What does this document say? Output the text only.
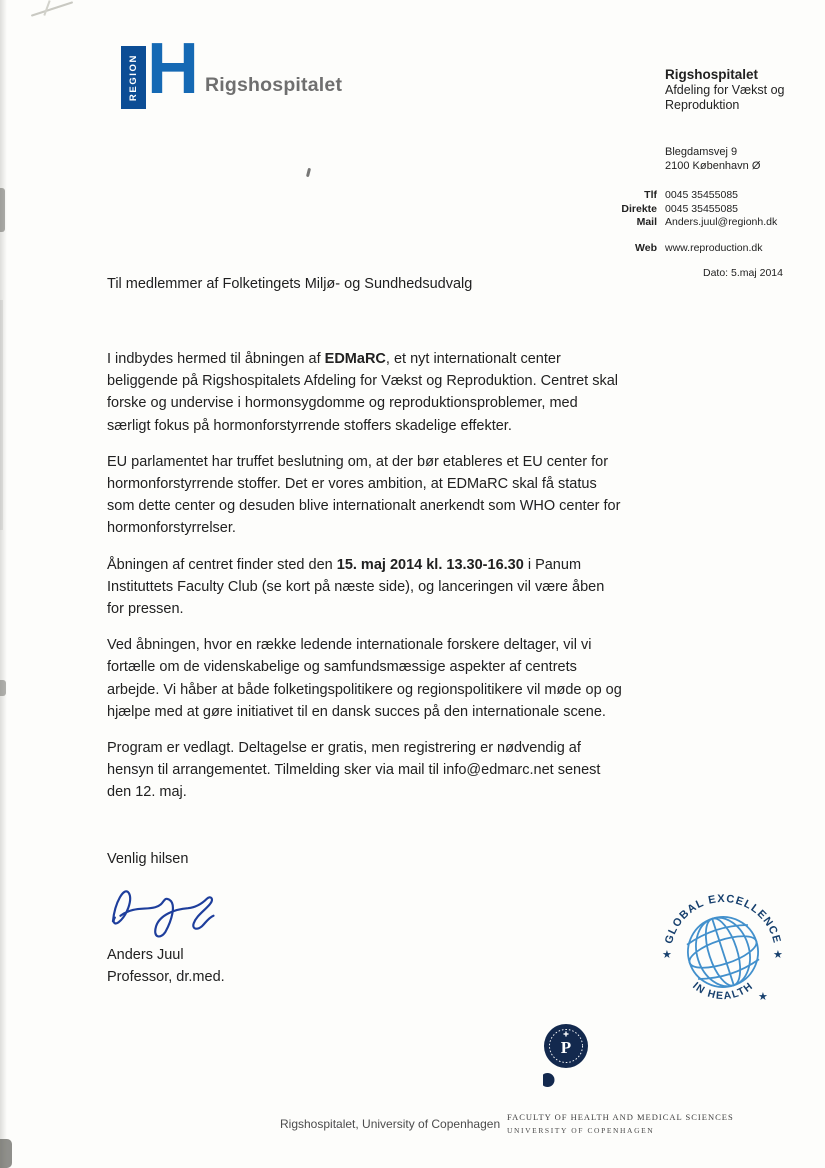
REGION H Rigshospitalet	Rigshospitalet
Afdeling for Vækst og
Reproduktion
Blegdamsvej 9
2100 København Ø
Tlf 0045 35455085
Direkte 0045 35455085
Mail Anders.juul@regionh.dk
Web www.reproduction.dk
Dato: 5.maj 2014
Til medlemmer af Folketingets Miljø- og Sundhedsudvalg

I indbydes hermed til åbningen af EDMaRC, et nyt internationalt center beliggende på Rigshospitalets Afdeling for Vækst og Reproduktion. Centret skal forske og undervise i hormonsygdomme og reproduktionsproblemer, med særligt fokus på hormonforstyrrende stoffers skadelige effekter.

EU parlamentet har truffet beslutning om, at der bør etableres et EU center for hormonforstyrrende stoffer. Det er vores ambition, at EDMaRC skal få status som dette center og desuden blive internationalt anerkendt som WHO center for hormonforstyrrelser.

Åbningen af centret finder sted den 15. maj 2014 kl. 13.30-16.30 i Panum Instituttets Faculty Club (se kort på næste side), og lanceringen vil være åben for pressen.

Ved åbningen, hvor en række ledende internationale forskere deltager, vil vi fortælle om de videnskabelige og samfundsmæssige aspekter af centrets arbejde. Vi håber at både folketingspolitikere og regionspolitikere vil møde op og hjælpe med at gøre initiativet til en dansk succes på den internationale scene.

Program er vedlagt. Deltagelse er gratis, men registrering er nødvendig af hensyn til arrangementet. Tilmelding sker via mail til info@edmarc.net senest den 12. maj.

Venlig hilsen
Anders Juul
Professor, dr.med.
GLOBAL EXCELLENCE
IN HEALTH
★	★
★
P
FACULTY OF HEALTH AND MEDICAL SCIENCES
UNIVERSITY OF COPENHAGEN
Rigshospitalet, University of Copenhagen
